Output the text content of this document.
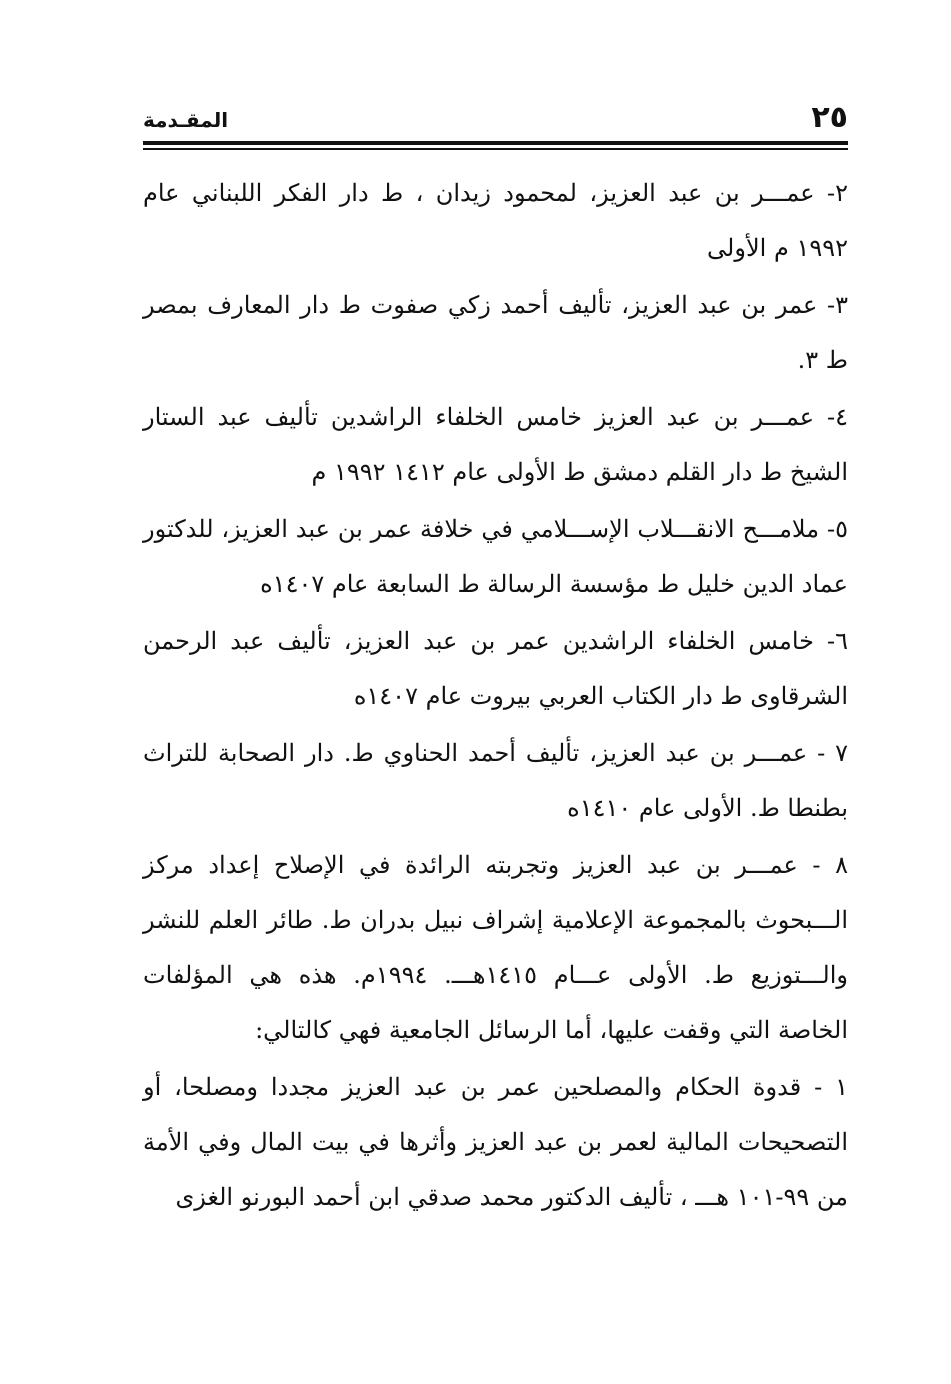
٢٥
المقـدمة

٢- عمـــر بن عبد العزيز، لمحمود زيدان ، ط دار الفكر اللبناني عام ١٩٩٢ م الأولى

٣- عمر بن عبد العزيز، تأليف أحمد زكي صفوت ط دار المعارف بمصر ط ٣.

٤- عمـــر بن عبد العزيز خامس الخلفاء الراشدين تأليف عبد الستار الشيخ ط دار القلم دمشق ط الأولى عام ١٤١٢ ١٩٩٢ م

٥- ملامـــح الانقـــلاب الإســـلامي في خلافة عمر بن عبد العزيز، للدكتور عماد الدين خليل ط مؤسسة الرسالة ط السابعة عام ١٤٠٧ه

٦- خامس الخلفاء الراشدين عمر بن عبد العزيز، تأليف عبد الرحمن الشرقاوى ط دار الكتاب العربي بيروت عام ١٤٠٧ه

٧ - عمـــر بن عبد العزيز، تأليف أحمد الحناوي ط. دار الصحابة للتراث بطنطا ط. الأولى عام ١٤١٠ه

٨ - عمـــر بن عبد العزيز وتجربته الرائدة في الإصلاح إعداد مركز الـــبحوث بالمجموعة الإعلامية إشراف نبيل بدران ط. طائر العلم للنشر والـــتوزيع ط. الأولى عـــام ١٤١٥هـــ. ١٩٩٤م. هذه هي المؤلفات الخاصة التي وقفت عليها، أما الرسائل الجامعية فهي كالتالي:

١ - قدوة الحكام والمصلحين عمر بن عبد العزيز مجددا ومصلحا، أو التصحيحات المالية لعمر بن عبد العزيز وأثرها في بيت المال وفي الأمة من ٩٩-١٠١ هـــ ، تأليف الدكتور محمد صدقي ابن أحمد البورنو الغزى
